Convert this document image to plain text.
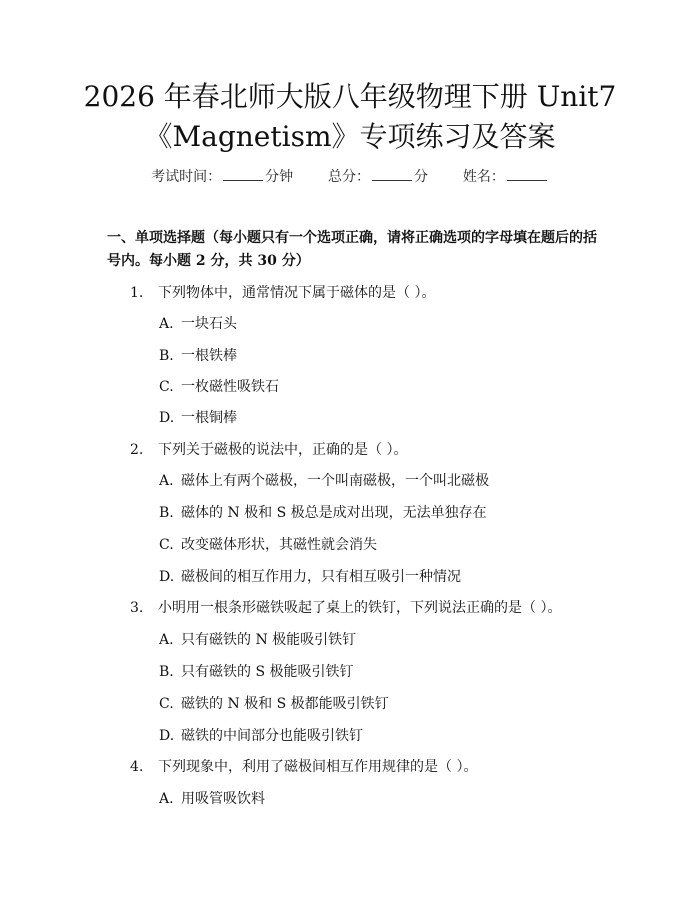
2026 年春北师大版八年级物理下册 Unit7
《Magnetism》专项练习及答案
考试时间：	分钟 总分：	分 姓名：
一、单项选择题（每小题只有一个选项正确，请将正确选项的字母填在题后的括
号内。每小题 2 分，共 30 分）
1. 下列物体中，通常情况下属于磁体的是（ ）。
A. 一块石头
B. 一根铁棒
C. 一枚磁性吸铁石
D. 一根铜棒
2. 下列关于磁极的说法中，正确的是（ ）。
A. 磁体上有两个磁极，一个叫南磁极，一个叫北磁极
B. 磁体的 N 极和 S 极总是成对出现，无法单独存在
C. 改变磁体形状，其磁性就会消失
D. 磁极间的相互作用力，只有相互吸引一种情况
3. 小明用一根条形磁铁吸起了桌上的铁钉，下列说法正确的是（ ）。
A. 只有磁铁的 N 极能吸引铁钉
B. 只有磁铁的 S 极能吸引铁钉
C. 磁铁的 N 极和 S 极都能吸引铁钉
D. 磁铁的中间部分也能吸引铁钉
4. 下列现象中，利用了磁极间相互作用规律的是（ ）。
A. 用吸管吸饮料
